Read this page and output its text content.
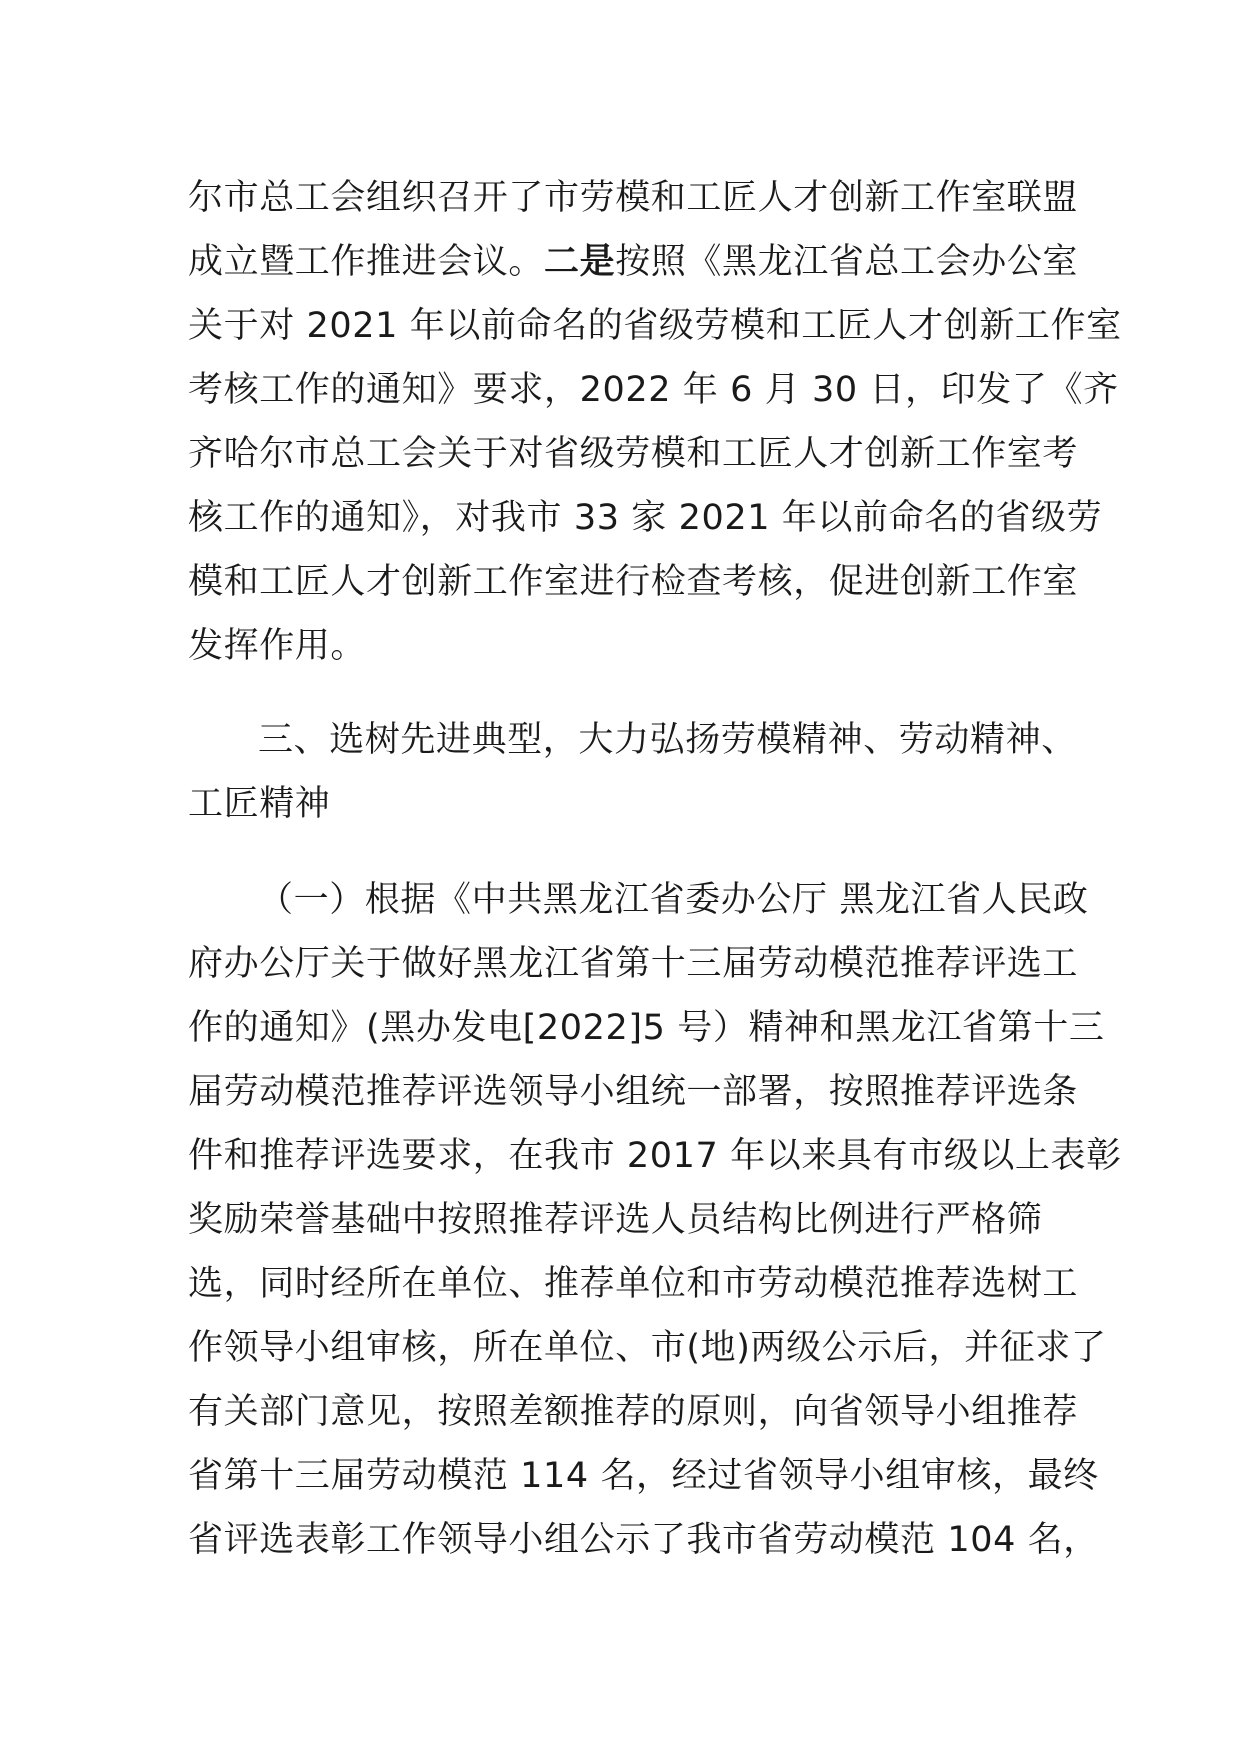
尔市总工会组织召开了市劳模和工匠人才创新工作室联盟
成立暨工作推进会议。二是按照《黑龙江省总工会办公室
关于对 2021 年以前命名的省级劳模和工匠人才创新工作室
考核工作的通知》要求，2022 年 6 月 30 日，印发了《齐
齐哈尔市总工会关于对省级劳模和工匠人才创新工作室考
核工作的通知》，对我市 33 家 2021 年以前命名的省级劳
模和工匠人才创新工作室进行检查考核，促进创新工作室
发挥作用。
三、选树先进典型，大力弘扬劳模精神、劳动精神、
工匠精神
（一）根据《中共黑龙江省委办公厅 黑龙江省人民政
府办公厅关于做好黑龙江省第十三届劳动模范推荐评选工
作的通知》(黑办发电[2022]5 号）精神和黑龙江省第十三
届劳动模范推荐评选领导小组统一部署，按照推荐评选条
件和推荐评选要求，在我市 2017 年以来具有市级以上表彰
奖励荣誉基础中按照推荐评选人员结构比例进行严格筛
选，同时经所在单位、推荐单位和市劳动模范推荐选树工
作领导小组审核，所在单位、市(地)两级公示后，并征求了
有关部门意见，按照差额推荐的原则，向省领导小组推荐
省第十三届劳动模范 114 名，经过省领导小组审核，最终
省评选表彰工作领导小组公示了我市省劳动模范 104 名，
